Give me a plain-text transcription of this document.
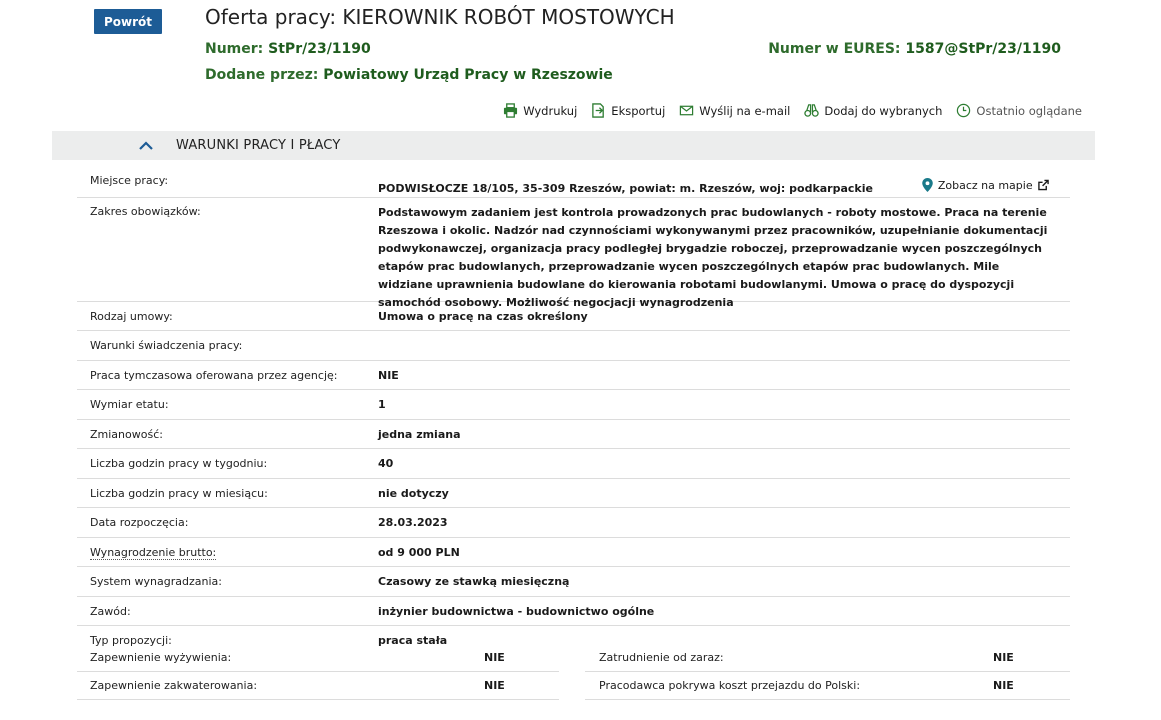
Powrót	Oferta pracy: KIEROWNIK ROBÓT MOSTOWYCH
Numer: StPr/23/1190	Numer w EURES: 1587@StPr/23/1190
Dodane przez: Powiatowy Urząd Pracy w Rzeszowie
Wydrukuj	Eksportuj	Wyślij na e-mail	Dodaj do wybranych	Ostatnio oglądane
WARUNKI PRACY I PŁACY
Miejsce pracy:
PODWISŁOCZE 18/105, 35-309 Rzeszów, powiat: m. Rzeszów, woj: podkarpackie	Zobacz na mapie
Zakres obowiązków:	Podstawowym zadaniem jest kontrola prowadzonych prac budowlanych - roboty mostowe. Praca na terenie Rzeszowa i okolic. Nadzór nad czynnościami wykonywanymi przez pracowników, uzupełnianie dokumentacji podwykonawczej, organizacja pracy podległej brygadzie roboczej, przeprowadzanie wycen poszczególnych etapów prac budowlanych, przeprowadzanie wycen poszczególnych etapów prac budowlanych. Mile widziane uprawnienia budowlane do kierowania robotami budowlanymi. Umowa o pracę do dyspozycji samochód osobowy. Możliwość negocjacji wynagrodzenia
Rodzaj umowy:	Umowa o pracę na czas określony
Warunki świadczenia pracy:
Praca tymczasowa oferowana przez agencję:	NIE
Wymiar etatu:	1
Zmianowość:	jedna zmiana
Liczba godzin pracy w tygodniu:	40
Liczba godzin pracy w miesiącu:	nie dotyczy
Data rozpoczęcia:	28.03.2023
Wynagrodzenie brutto:	od 9 000 PLN
System wynagradzania:	Czasowy ze stawką miesięczną
Zawód:	inżynier budownictwa - budownictwo ogólne
Typ propozycji:	praca stała
Zapewnienie wyżywienia:	NIE	Zatrudnienie od zaraz:	NIE
Zapewnienie zakwaterowania:	NIE	Pracodawca pokrywa koszt przejazdu do Polski:	NIE
